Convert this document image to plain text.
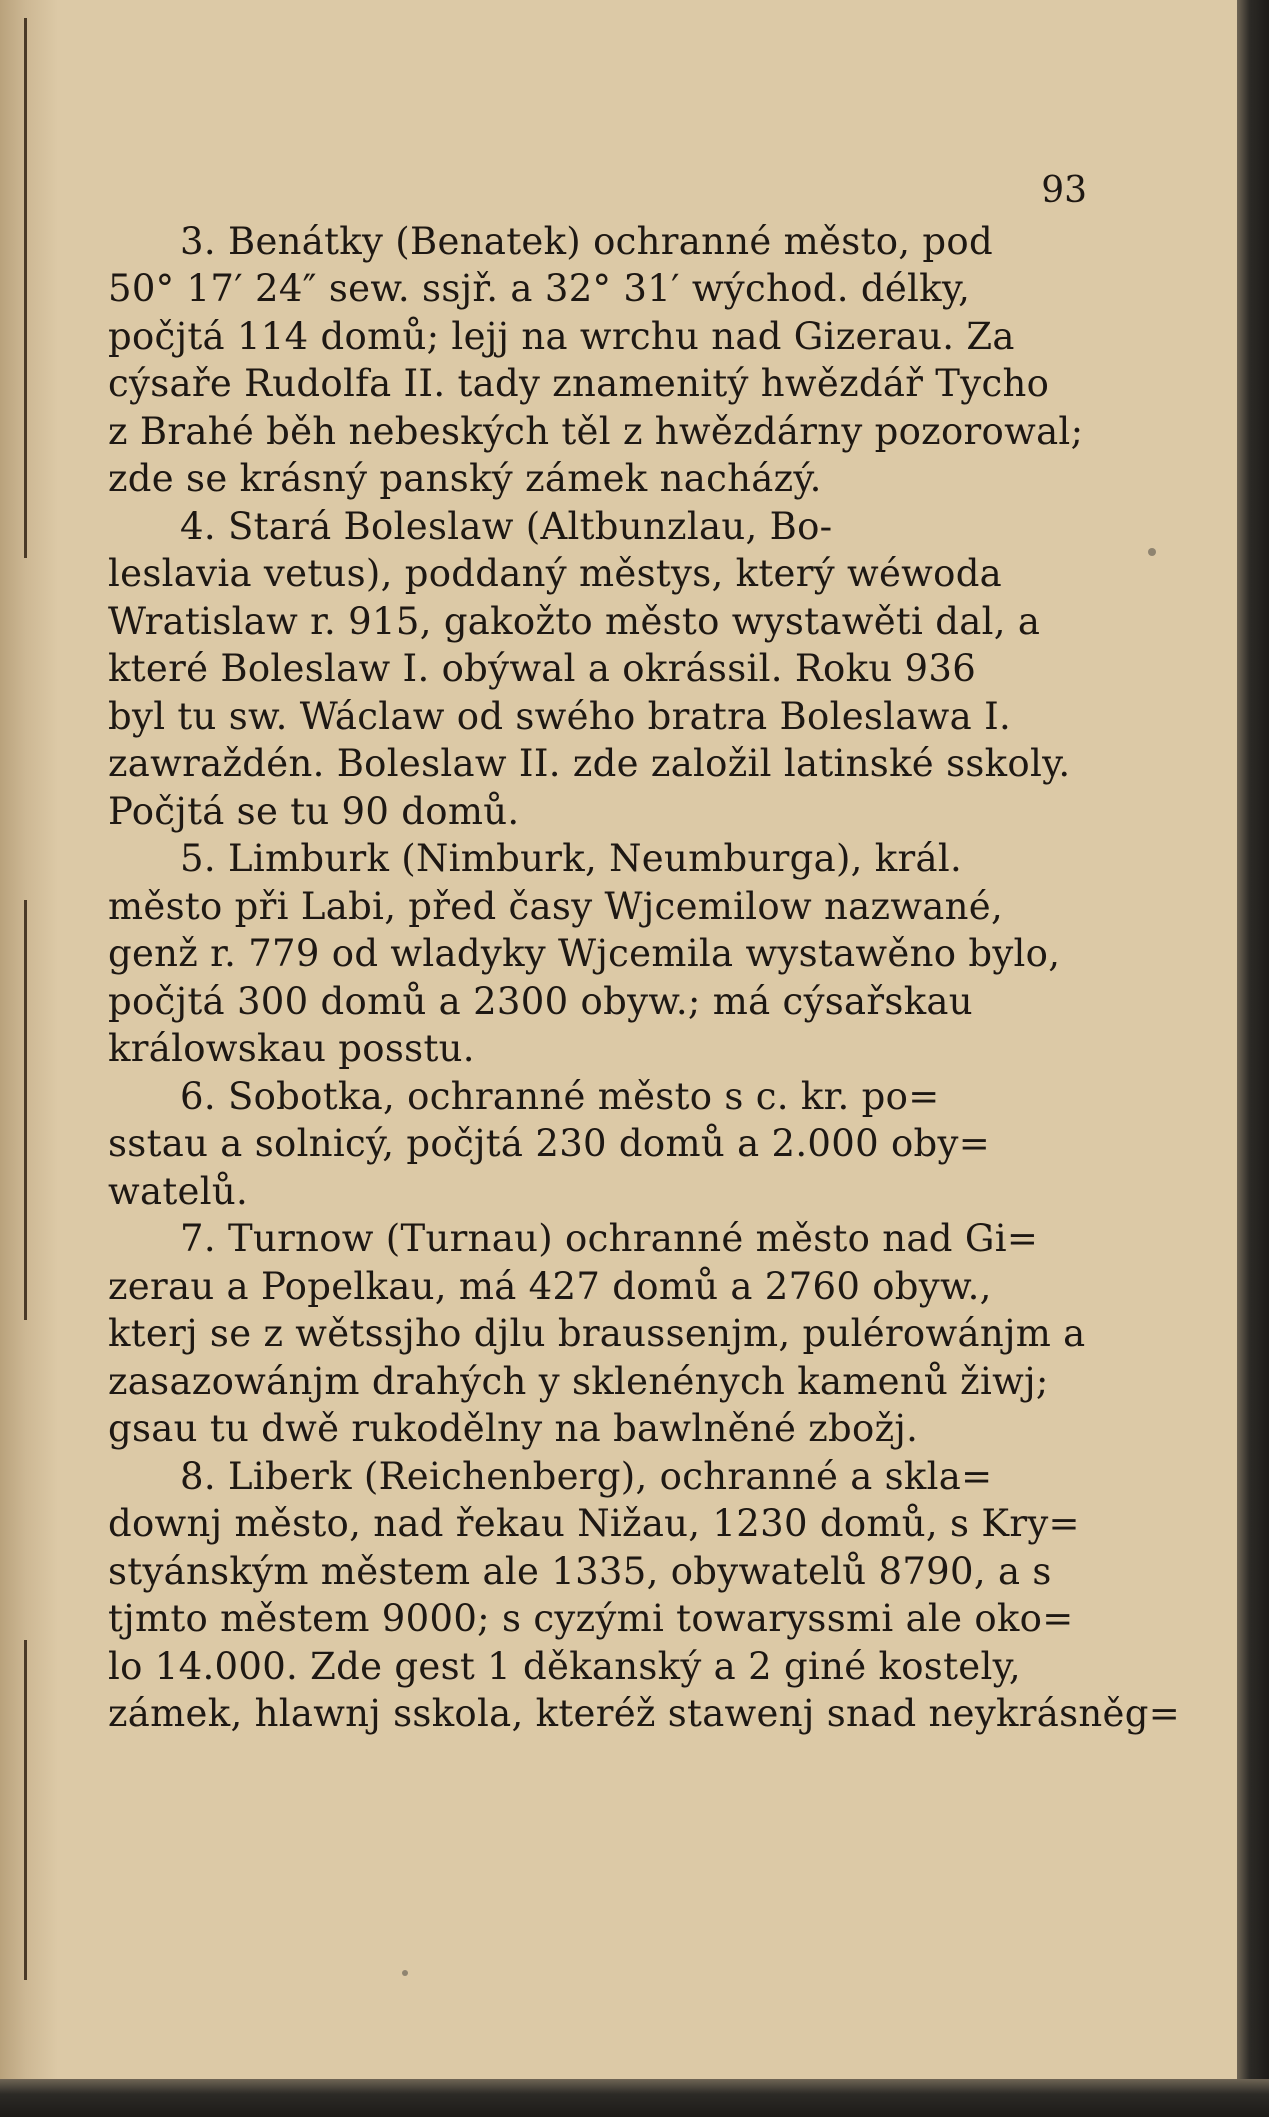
93

3. Benátky (Benatek) ochranné město, pod
50° 17′ 24″ sew. ssjř. a 32° 31′ wýchod. délky,
počjtá 114 domů; lejj na wrchu nad Gizerau. Za
cýsaře Rudolfa II. tady znamenitý hwězdář Tycho
z Brahé běh nebeských těl z hwězdárny pozorowal;
zde se krásný panský zámek nacházý.
4. Stará Boleslaw (Altbunzlau, Bo-
leslavia vetus), poddaný městys, který wéwoda
Wratislaw r. 915, gakožto město wystawěti dal, a
které Boleslaw I. obýwal a okrássil. Roku 936
byl tu sw. Wáclaw od swého bratra Boleslawa I.
zawraždén. Boleslaw II. zde založil latinské sskoly.
Počjtá se tu 90 domů.
5. Limburk (Nimburk, Neumburga), král.
město při Labi, před časy Wjcemilow nazwané,
genž r. 779 od wladyky Wjcemila wystawěno bylo,
počjtá 300 domů a 2300 obyw.; má cýsařskau
králowskau posstu.
6. Sobotka, ochranné město s c. kr. po=
sstau a solnicý, počjtá 230 domů a 2.000 oby=
watelů.
7. Turnow (Turnau) ochranné město nad Gi=
zerau a Popelkau, má 427 domů a 2760 obyw.,
kterj se z wětssjho djlu braussenjm, pulérowánjm a
zasazowánjm drahých y sklenénych kamenů žiwj;
gsau tu dwě rukodělny na bawlněné zbožj.
8. Liberk (Reichenberg), ochranné a skla=
downj město, nad řekau Nižau, 1230 domů, s Kry=
styánským městem ale 1335, obywatelů 8790, a s
tjmto městem 9000; s cyzými towaryssmi ale oko=
lo 14.000. Zde gest 1 děkanský a 2 giné kostely,
zámek, hlawnj sskola, kteréž stawenj snad neykrásněg=
